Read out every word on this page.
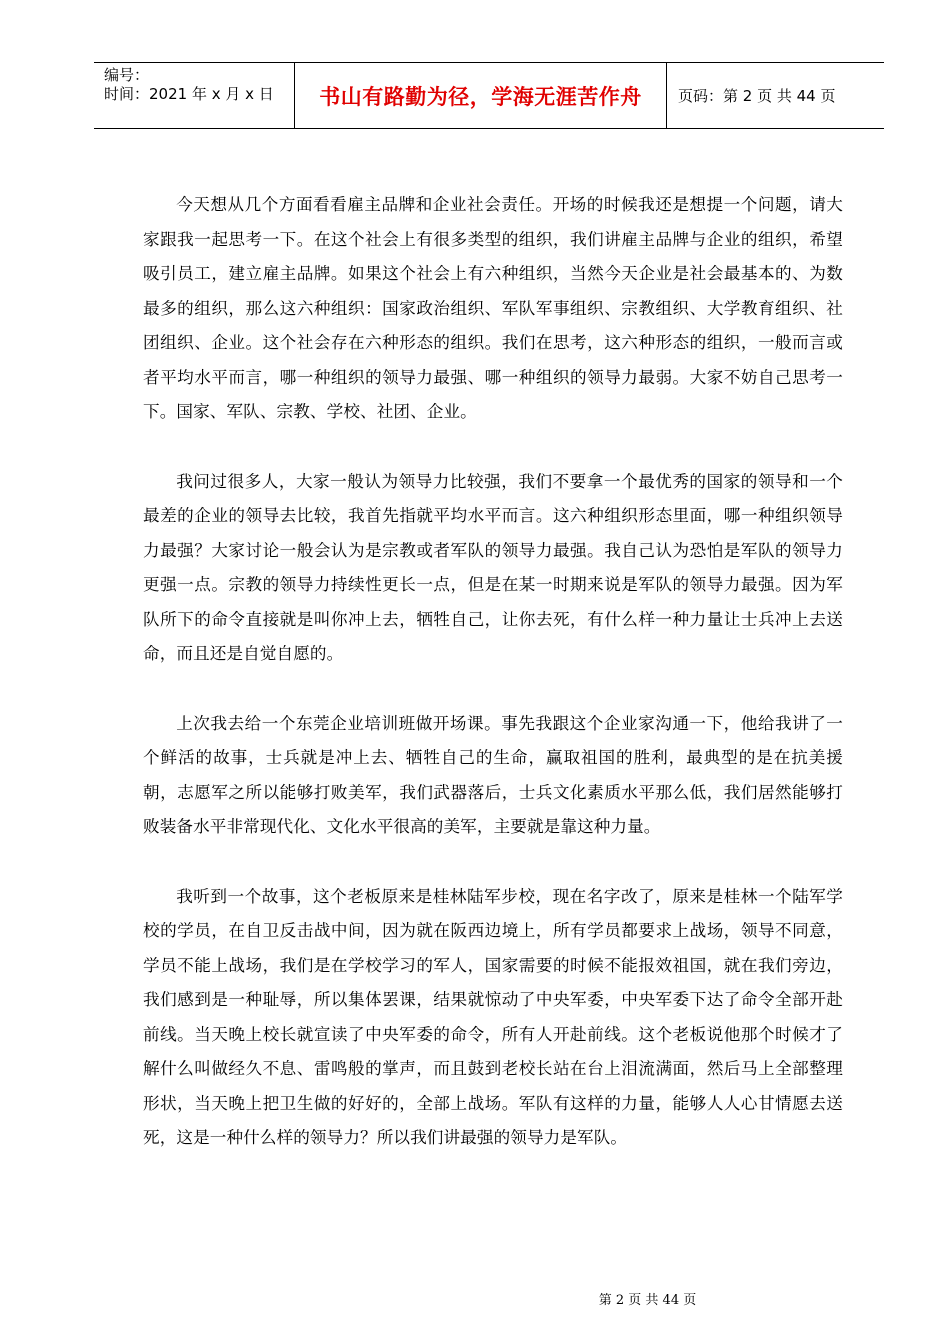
编号：
时间：2021 年 x 月 x 日	书山有路勤为径，学海无涯苦作舟	页码：第 2 页 共 44 页

今天想从几个方面看看雇主品牌和企业社会责任。开场的时候我还是想提一个问题，请大家跟我一起思考一下。在这个社会上有很多类型的组织，我们讲雇主品牌与企业的组织，希望吸引员工，建立雇主品牌。如果这个社会上有六种组织，当然今天企业是社会最基本的、为数最多的组织，那么这六种组织：国家政治组织、军队军事组织、宗教组织、大学教育组织、社团组织、企业。这个社会存在六种形态的组织。我们在思考，这六种形态的组织，一般而言或者平均水平而言，哪一种组织的领导力最强、哪一种组织的领导力最弱。大家不妨自己思考一下。国家、军队、宗教、学校、社团、企业。

我问过很多人，大家一般认为领导力比较强，我们不要拿一个最优秀的国家的领导和一个最差的企业的领导去比较，我首先指就平均水平而言。这六种组织形态里面，哪一种组织领导力最强？大家讨论一般会认为是宗教或者军队的领导力最强。我自己认为恐怕是军队的领导力更强一点。宗教的领导力持续性更长一点，但是在某一时期来说是军队的领导力最强。因为军队所下的命令直接就是叫你冲上去，牺牲自己，让你去死，有什么样一种力量让士兵冲上去送命，而且还是自觉自愿的。

上次我去给一个东莞企业培训班做开场课。事先我跟这个企业家沟通一下，他给我讲了一个鲜活的故事，士兵就是冲上去、牺牲自己的生命，赢取祖国的胜利，最典型的是在抗美援朝，志愿军之所以能够打败美军，我们武器落后，士兵文化素质水平那么低，我们居然能够打败装备水平非常现代化、文化水平很高的美军，主要就是靠这种力量。

我听到一个故事，这个老板原来是桂林陆军步校，现在名字改了，原来是桂林一个陆军学校的学员，在自卫反击战中间，因为就在阪西边境上，所有学员都要求上战场，领导不同意，学员不能上战场，我们是在学校学习的军人，国家需要的时候不能报效祖国，就在我们旁边，我们感到是一种耻辱，所以集体罢课，结果就惊动了中央军委，中央军委下达了命令全部开赴前线。当天晚上校长就宣读了中央军委的命令，所有人开赴前线。这个老板说他那个时候才了解什么叫做经久不息、雷鸣般的掌声，而且鼓到老校长站在台上泪流满面，然后马上全部整理形状，当天晚上把卫生做的好好的，全部上战场。军队有这样的力量，能够人人心甘情愿去送死，这是一种什么样的领导力？所以我们讲最强的领导力是军队。

第 2 页 共 44 页
